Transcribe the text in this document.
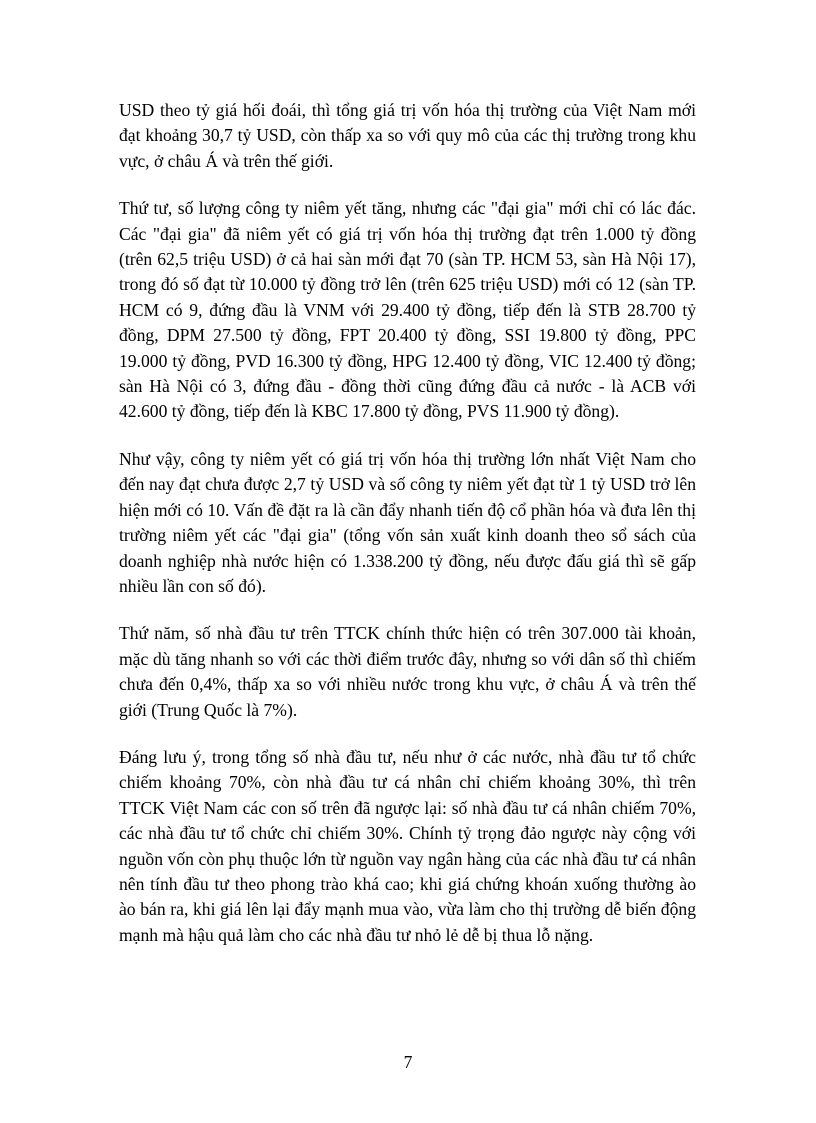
USD theo tỷ giá hối đoái, thì tổng giá trị vốn hóa thị trường của Việt Nam mới đạt khoảng 30,7 tỷ USD, còn thấp xa so với quy mô của các thị trường trong khu vực, ở châu Á và trên thế giới.

Thứ tư, số lượng công ty niêm yết tăng, nhưng các "đại gia" mới chỉ có lác đác. Các "đại gia" đã niêm yết có giá trị vốn hóa thị trường đạt trên 1.000 tỷ đồng (trên 62,5 triệu USD) ở cả hai sàn mới đạt 70 (sàn TP. HCM 53, sàn Hà Nội 17), trong đó số đạt từ 10.000 tỷ đồng trở lên (trên 625 triệu USD) mới có 12 (sàn TP. HCM có 9, đứng đầu là VNM với 29.400 tỷ đồng, tiếp đến là STB 28.700 tỷ đồng, DPM 27.500 tỷ đồng, FPT 20.400 tỷ đồng, SSI 19.800 tỷ đồng, PPC 19.000 tỷ đồng, PVD 16.300 tỷ đồng, HPG 12.400 tỷ đồng, VIC 12.400 tỷ đồng; sàn Hà Nội có 3, đứng đầu - đồng thời cũng đứng đầu cả nước - là ACB với 42.600 tỷ đồng, tiếp đến là KBC 17.800 tỷ đồng, PVS 11.900 tỷ đồng).

Như vậy, công ty niêm yết có giá trị vốn hóa thị trường lớn nhất Việt Nam cho đến nay đạt chưa được 2,7 tỷ USD và số công ty niêm yết đạt từ 1 tỷ USD trở lên hiện mới có 10. Vấn đề đặt ra là cần đẩy nhanh tiến độ cổ phần hóa và đưa lên thị trường niêm yết các "đại gia" (tổng vốn sản xuất kinh doanh theo sổ sách của doanh nghiệp nhà nước hiện có 1.338.200 tỷ đồng, nếu được đấu giá thì sẽ gấp nhiều lần con số đó).

Thứ năm, số nhà đầu tư trên TTCK chính thức hiện có trên 307.000 tài khoản, mặc dù tăng nhanh so với các thời điểm trước đây, nhưng so với dân số thì chiếm chưa đến 0,4%, thấp xa so với nhiều nước trong khu vực, ở châu Á và trên thế giới (Trung Quốc là 7%).

Đáng lưu ý, trong tổng số nhà đầu tư, nếu như ở các nước, nhà đầu tư tổ chức chiếm khoảng 70%, còn nhà đầu tư cá nhân chỉ chiếm khoảng 30%, thì trên TTCK Việt Nam các con số trên đã ngược lại: số nhà đầu tư cá nhân chiếm 70%, các nhà đầu tư tổ chức chỉ chiếm 30%. Chính tỷ trọng đảo ngược này cộng với nguồn vốn còn phụ thuộc lớn từ nguồn vay ngân hàng của các nhà đầu tư cá nhân nên tính đầu tư theo phong trào khá cao; khi giá chứng khoán xuống thường ào ào bán ra, khi giá lên lại đẩy mạnh mua vào, vừa làm cho thị trường dễ biến động mạnh mà hậu quả làm cho các nhà đầu tư nhỏ lẻ dễ bị thua lỗ nặng.

7
